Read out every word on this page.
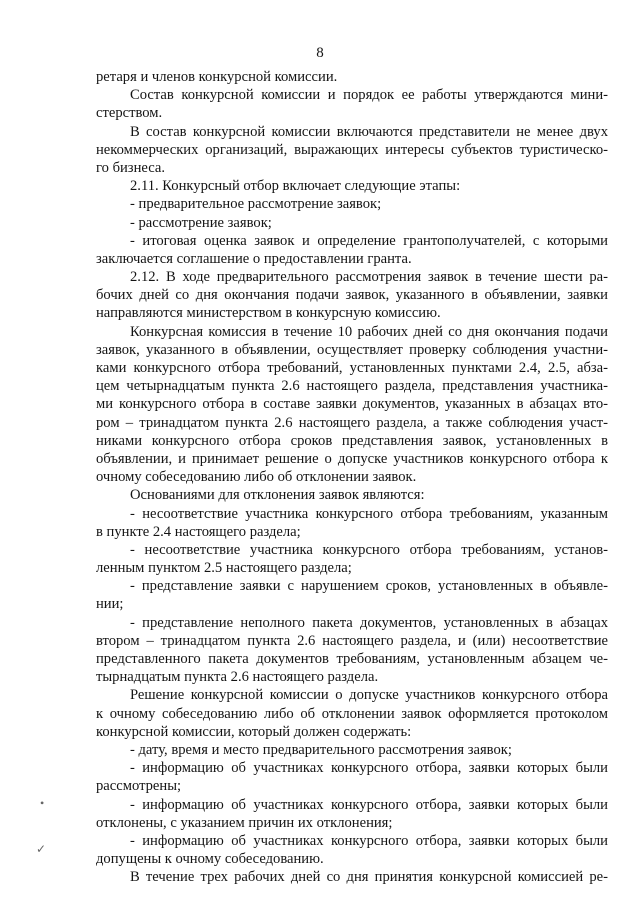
8
ретаря и членов конкурсной комиссии.
Состав конкурсной комиссии и порядок ее работы утверждаются мини-
стерством.
В состав конкурсной комиссии включаются представители не менее двух
некоммерческих организаций, выражающих интересы субъектов туристическо-
го бизнеса.
2.11. Конкурсный отбор включает следующие этапы:
- предварительное рассмотрение заявок;
- рассмотрение заявок;
- итоговая оценка заявок и определение грантополучателей, с которыми
заключается соглашение о предоставлении гранта.
2.12. В ходе предварительного рассмотрения заявок в течение шести ра-
бочих дней со дня окончания подачи заявок, указанного в объявлении, заявки
направляются министерством в конкурсную комиссию.
Конкурсная комиссия в течение 10 рабочих дней со дня окончания подачи
заявок, указанного в объявлении, осуществляет проверку соблюдения участни-
ками конкурсного отбора требований, установленных пунктами 2.4, 2.5, абза-
цем четырнадцатым пункта 2.6 настоящего раздела, представления участника-
ми конкурсного отбора в составе заявки документов, указанных в абзацах вто-
ром – тринадцатом пункта 2.6 настоящего раздела, а также соблюдения участ-
никами конкурсного отбора сроков представления заявок, установленных в
объявлении, и принимает решение о допуске участников конкурсного отбора к
очному собеседованию либо об отклонении заявок.
Основаниями для отклонения заявок являются:
- несоответствие участника конкурсного отбора требованиям, указанным
в пункте 2.4 настоящего раздела;
- несоответствие участника конкурсного отбора требованиям, установ-
ленным пунктом 2.5 настоящего раздела;
- представление заявки с нарушением сроков, установленных в объявле-
нии;
- представление неполного пакета документов, установленных в абзацах
втором – тринадцатом пункта 2.6 настоящего раздела, и (или) несоответствие
представленного пакета документов требованиям, установленным абзацем че-
тырнадцатым пункта 2.6 настоящего раздела.
Решение конкурсной комиссии о допуске участников конкурсного отбора
к очному собеседованию либо об отклонении заявок оформляется протоколом
конкурсной комиссии, который должен содержать:
- дату, время и место предварительного рассмотрения заявок;
- информацию об участниках конкурсного отбора, заявки которых были
рассмотрены;
- информацию об участниках конкурсного отбора, заявки которых были
отклонены, с указанием причин их отклонения;
- информацию об участниках конкурсного отбора, заявки которых были
допущены к очному собеседованию.
В течение трех рабочих дней со дня принятия конкурсной комиссией ре-
•
✓
